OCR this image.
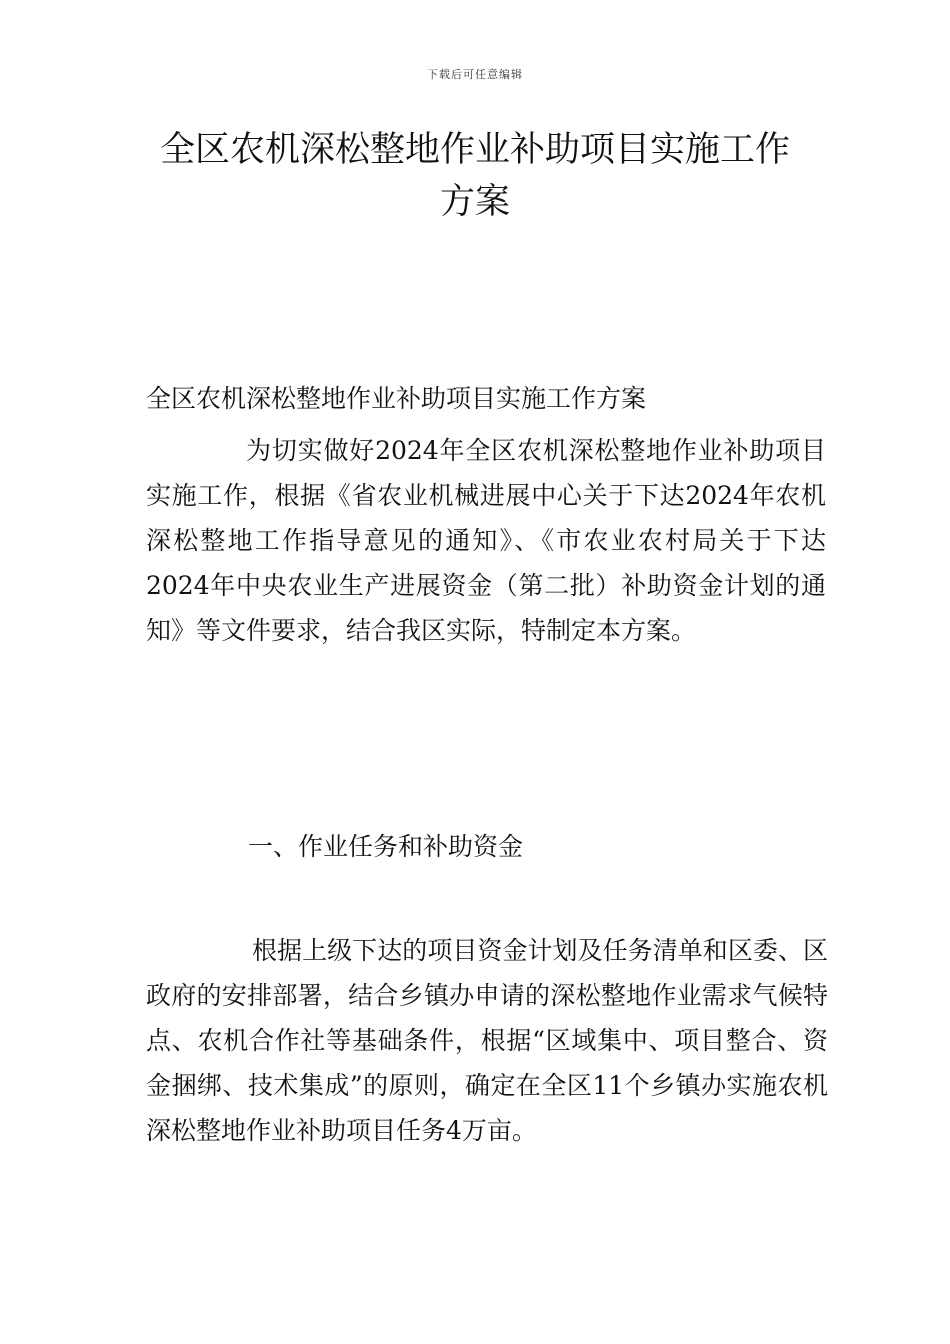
下载后可任意编辑
全区农机深松整地作业补助项目实施工作
方案

全区农机深松整地作业补助项目实施工作方案

为切实做好2024年全区农机深松整地作业补助项目实施工作，根据《省农业机械进展中心关于下达2024年农机深松整地工作指导意见的通知》、《市农业农村局关于下达2024年中央农业生产进展资金（第二批）补助资金计划的通知》等文件要求，结合我区实际，特制定本方案。

一、作业任务和补助资金

根据上级下达的项目资金计划及任务清单和区委、区政府的安排部署，结合乡镇办申请的深松整地作业需求气候特点、农机合作社等基础条件，根据“区域集中、项目整合、资金捆绑、技术集成”的原则，确定在全区11个乡镇办实施农机深松整地作业补助项目任务4万亩。
